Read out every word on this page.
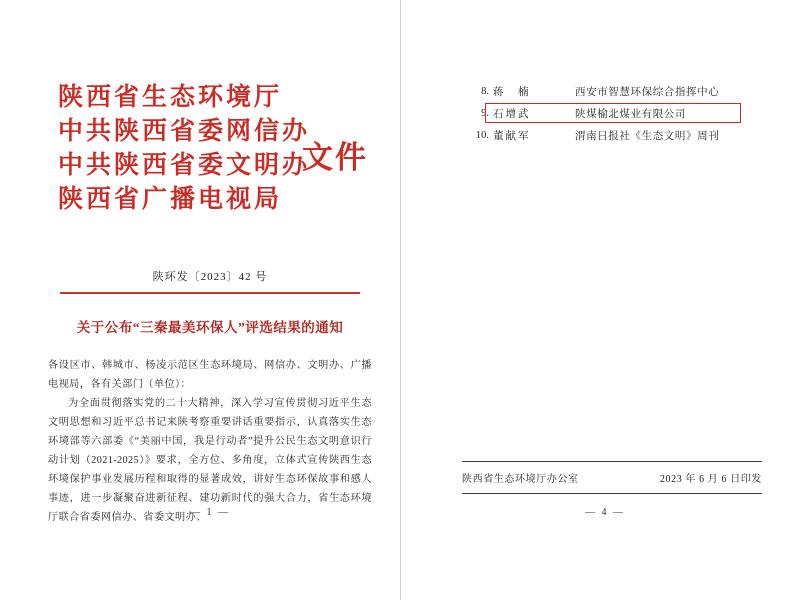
陕西省生态环境厅
中共陕西省委网信办
中共陕西省委文明办
陕西省广播电视局
文件
陕环发〔2023〕42 号
关于公布“三秦最美环保人”评选结果的通知

各设区市、韩城市、杨凌示范区生态环境局、网信办、文明办、广播电视局，各有关部门（单位）：

为全面贯彻落实党的二十大精神，深入学习宣传贯彻习近平生态文明思想和习近平总书记来陕考察重要讲话重要指示，认真落实生态环境部等六部委《“美丽中国，我是行动者”提升公民生态文明意识行动计划（2021-2025）》要求，全方位、多角度，立体式宣传陕西生态环境保护事业发展历程和取得的显著成效，讲好生态环保故事和感人事迹，进一步凝聚奋进新征程、建功新时代的强大合力，省生态环境厅联合省委网信办、省委文明办、

— 1 —
8. 蒋　楠	西安市智慧环保综合指挥中心
9. 石增武	陕煤榆北煤业有限公司
10. 董献军	渭南日报社《生态文明》周刊
陕西省生态环境厅办公室	2023 年 6 月 6 日印发
— 4 —
